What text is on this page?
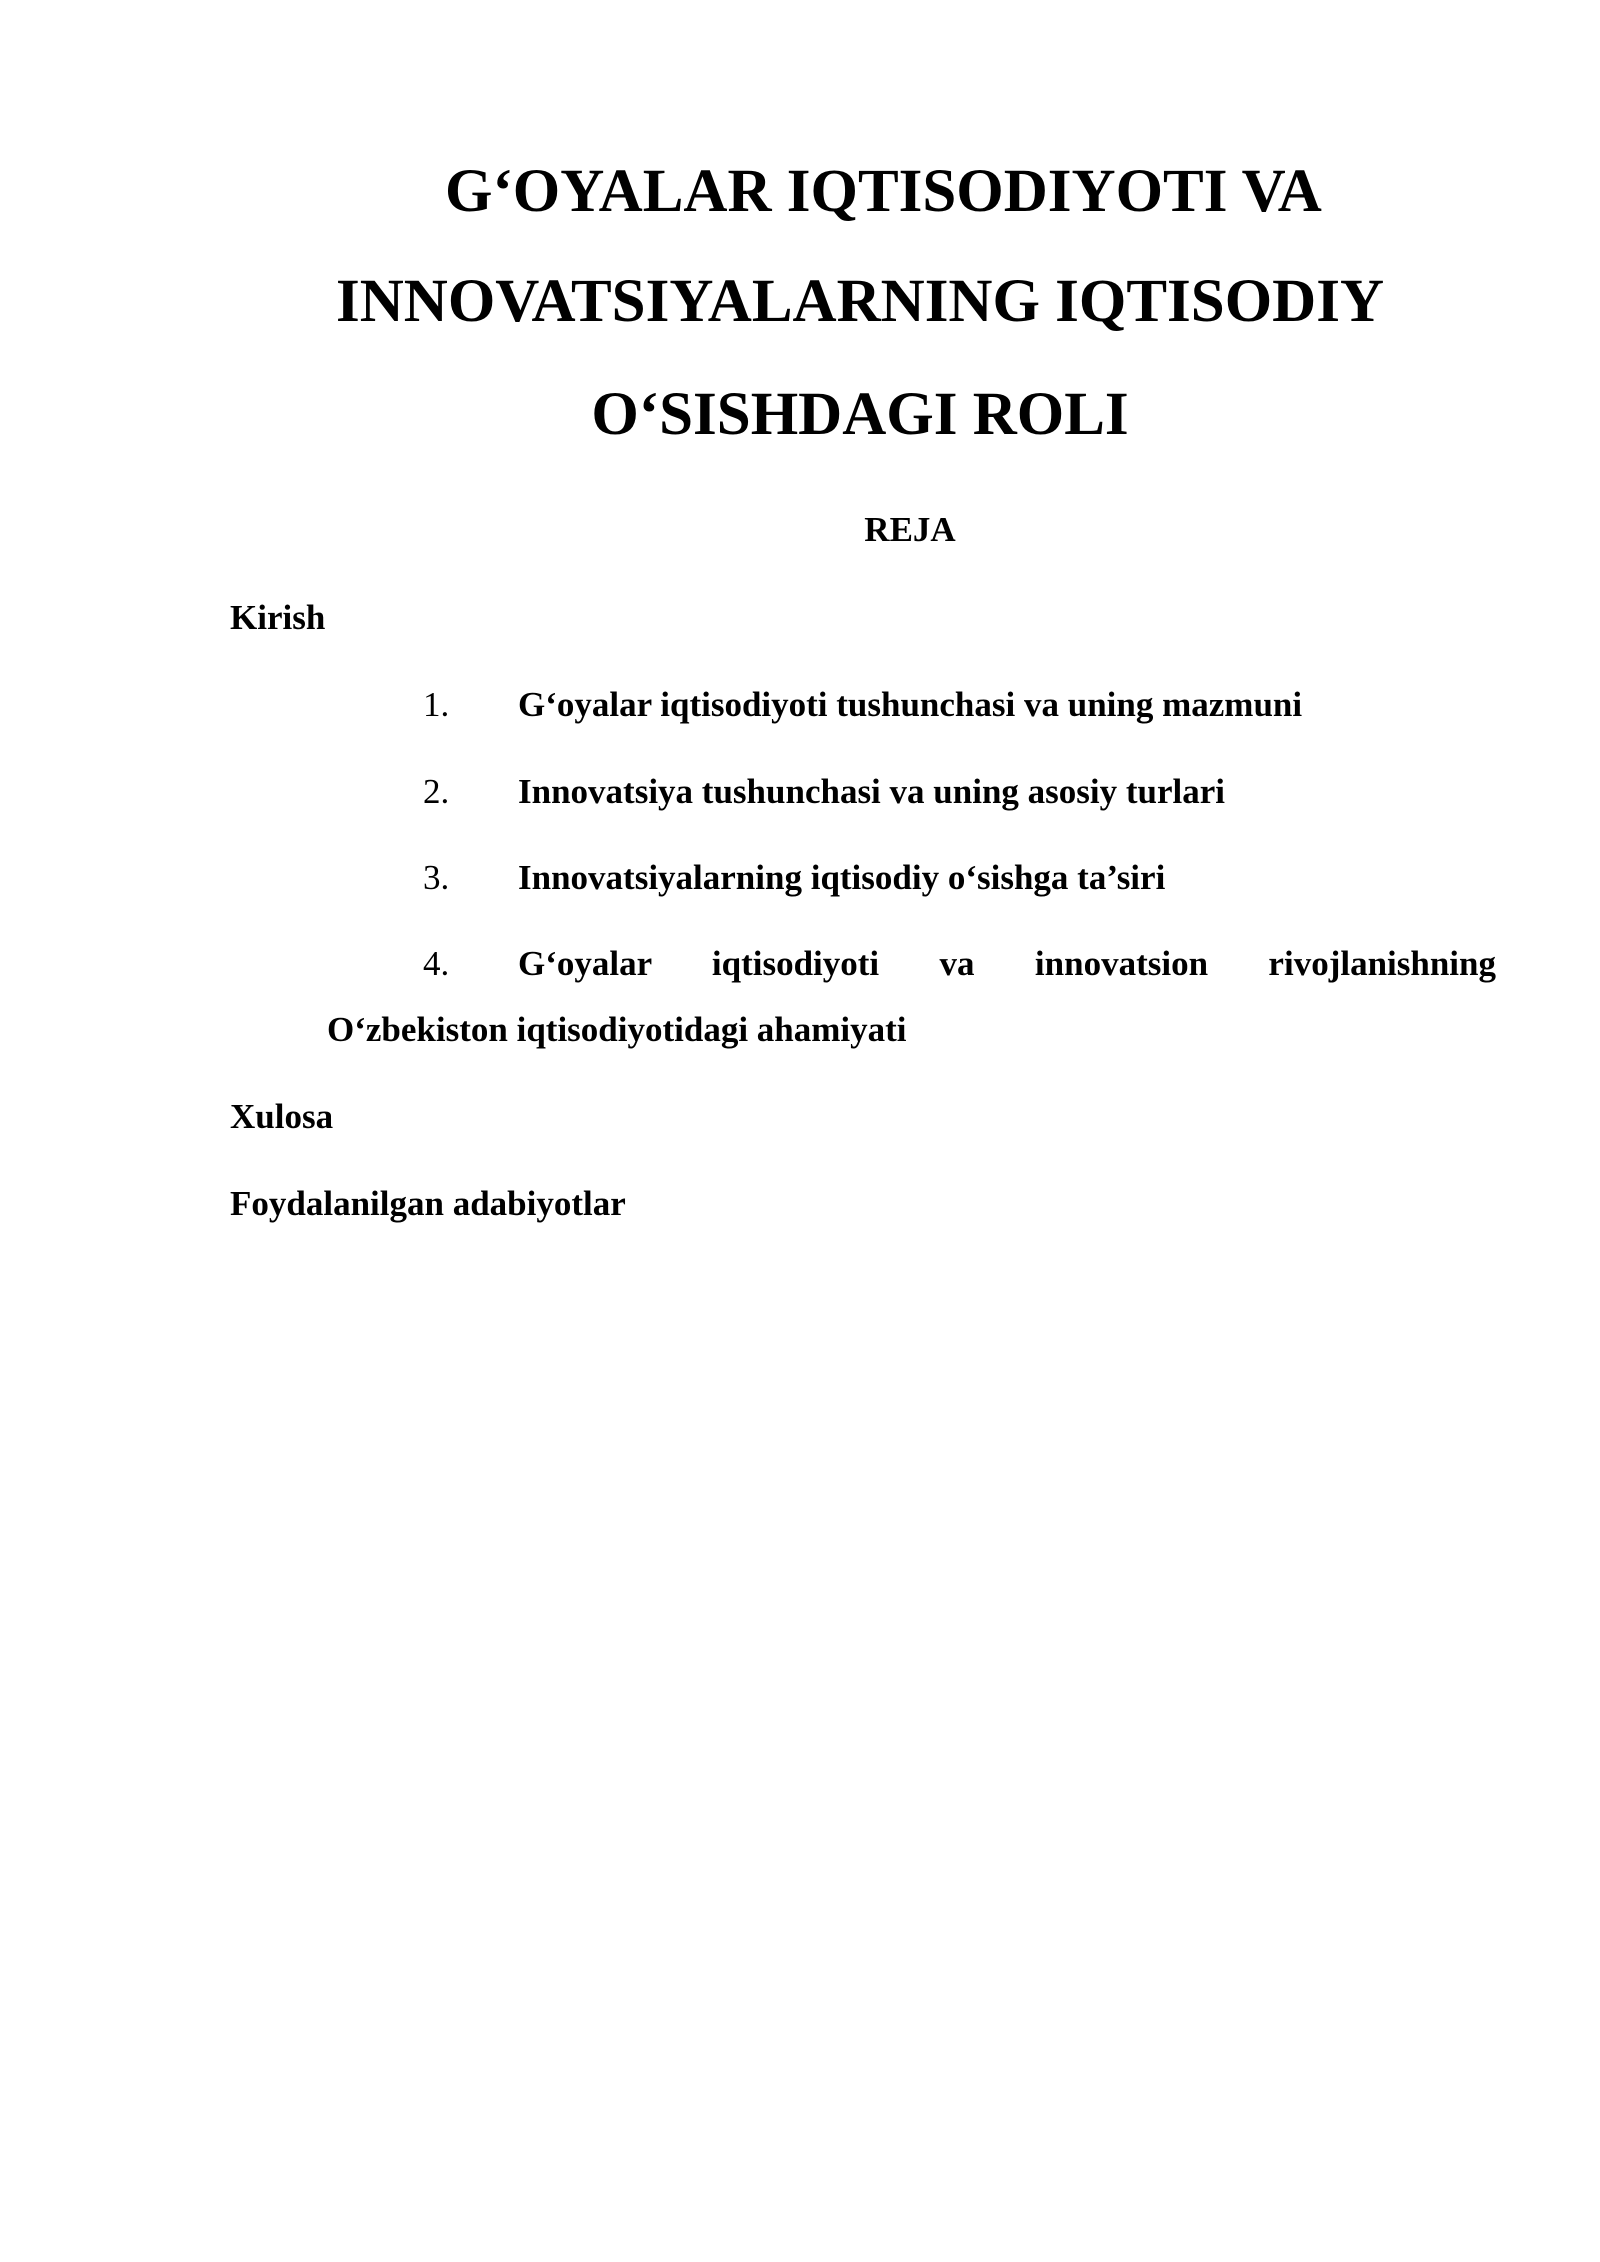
G‘OYALAR IQTISODIYOTI VA
INNOVATSIYALARNING IQTISODIY
O‘SISHDAGI ROLI
REJA
Kirish
1. G‘oyalar iqtisodiyoti tushunchasi va uning mazmuni
2. Innovatsiya tushunchasi va uning asosiy turlari
3. Innovatsiyalarning iqtisodiy o‘sishga ta’siri
4. G‘oyalar iqtisodiyoti va innovatsion rivojlanishning
O‘zbekiston iqtisodiyotidagi ahamiyati
Xulosa
Foydalanilgan adabiyotlar
